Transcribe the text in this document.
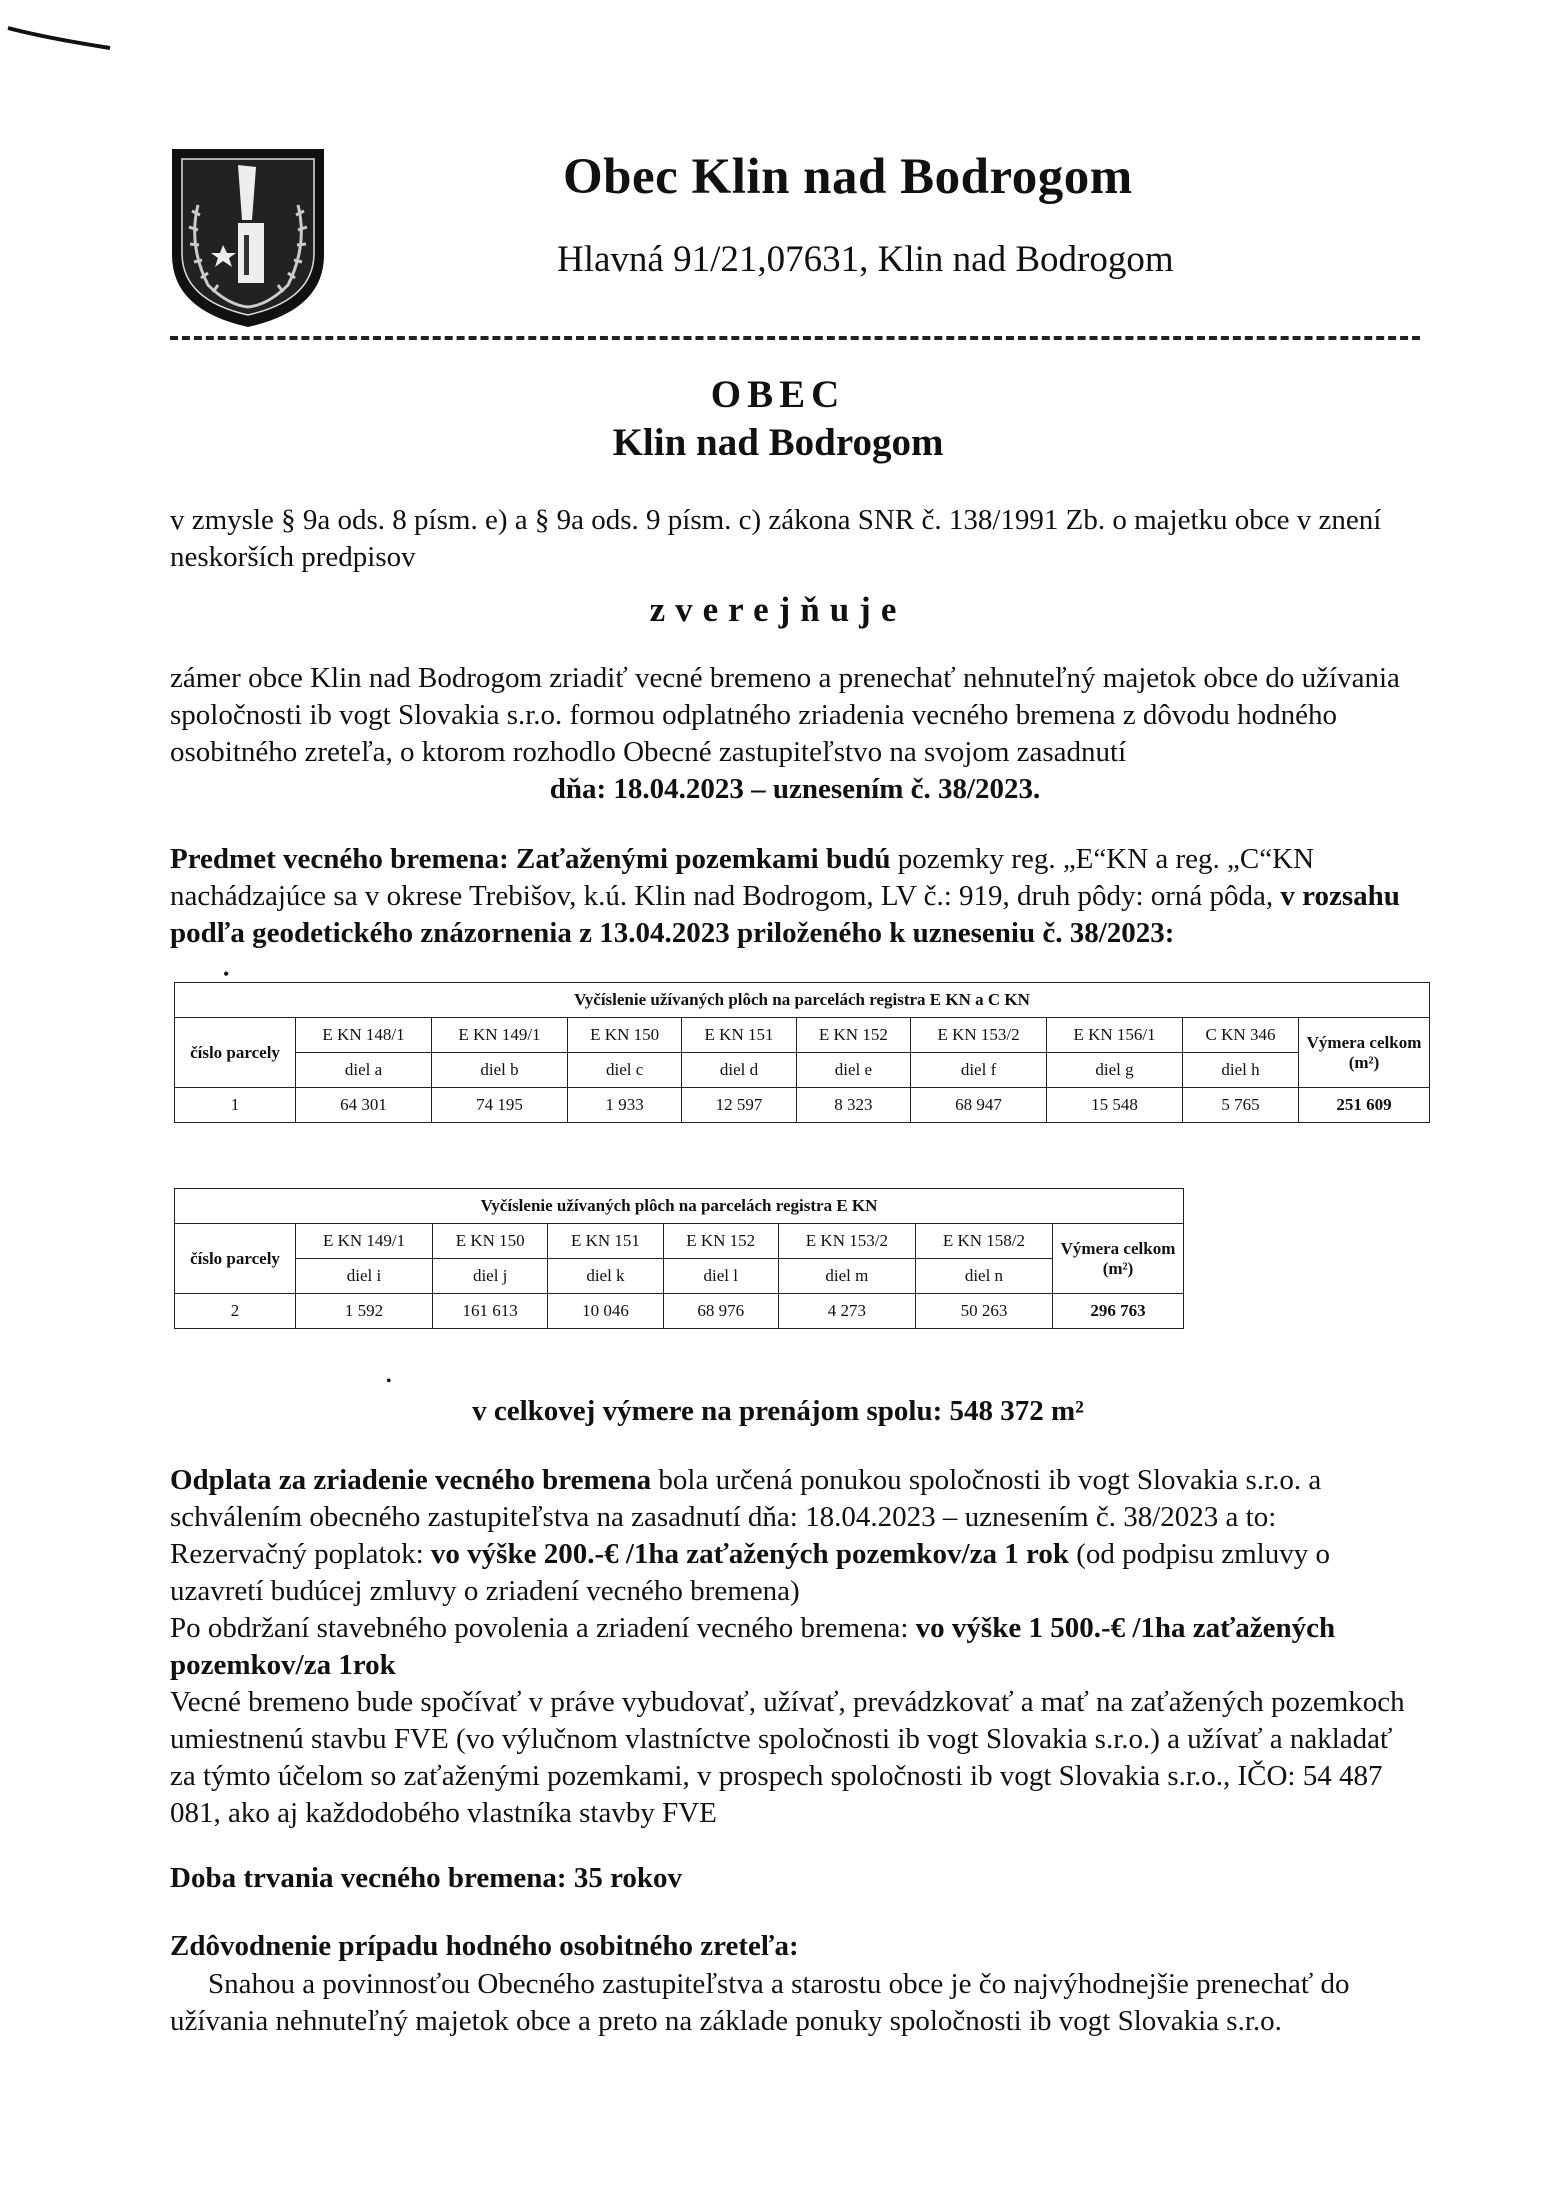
Obec Klin nad Bodrogom
Hlavná 91/21,07631, Klin nad Bodrogom
OBEC
Klin nad Bodrogom
v zmysle § 9a ods. 8 písm. e) a § 9a ods. 9 písm. c) zákona SNR č. 138/1991 Zb. o majetku obce v znení neskorších predpisov
zverejňuje
zámer obce Klin nad Bodrogom zriadiť vecné bremeno a prenechať nehnuteľný majetok obce do užívania spoločnosti ib vogt Slovakia s.r.o. formou odplatného zriadenia vecného bremena z dôvodu hodného osobitného zreteľa, o ktorom rozhodlo Obecné zastupiteľstvo na svojom zasadnutí
dňa: 18.04.2023 – uznesením č. 38/2023.
Predmet vecného bremena: Zaťaženými pozemkami budú pozemky reg. „E“KN a reg. „C“KN nachádzajúce sa v okrese Trebišov, k.ú. Klin nad Bodrogom, LV č.: 919, druh pôdy: orná pôda, v rozsahu podľa geodetického znázornenia z 13.04.2023 priloženého k uzneseniu č. 38/2023:
•
Vyčíslenie užívaných plôch na parcelách registra E KN a C KN									
číslo parcely	E KN 148/1	E KN 149/1	E KN 150	E KN 151	E KN 152	E KN 153/2	E KN 156/1	C KN 346	Výmera celkom (m²)
	diel a	diel b	diel c	diel d	diel e	diel f	diel g	diel h	
1	64 301	74 195	1 933	12 597	8 323	68 947	15 548	5 765	251 609
Vyčíslenie užívaných plôch na parcelách registra E KN							
číslo parcely	E KN 149/1	E KN 150	E KN 151	E KN 152	E KN 153/2	E KN 158/2	Výmera celkom (m²)
	diel i	diel j	diel k	diel l	diel m	diel n	
2	1 592	161 613	10 046	68 976	4 273	50 263	296 763
•
v celkovej výmere na prenájom spolu: 548 372 m²
Odplata za zriadenie vecného bremena bola určená ponukou spoločnosti ib vogt Slovakia s.r.o. a schválením obecného zastupiteľstva na zasadnutí dňa: 18.04.2023 – uznesením č. 38/2023 a to:
Rezervačný poplatok: vo výške 200.-€ /1ha zaťažených pozemkov/za 1 rok (od podpisu zmluvy o uzavretí budúcej zmluvy o zriadení vecného bremena)
Po obdržaní stavebného povolenia a zriadení vecného bremena: vo výške 1 500.-€ /1ha zaťažených pozemkov/za 1rok
Vecné bremeno bude spočívať v práve vybudovať, užívať, prevádzkovať a mať na zaťažených pozemkoch umiestnenú stavbu FVE (vo výlučnom vlastníctve spoločnosti ib vogt Slovakia s.r.o.) a užívať a nakladať za týmto účelom so zaťaženými pozemkami, v prospech spoločnosti ib vogt Slovakia s.r.o., IČO: 54 487 081, ako aj každodobého vlastníka stavby FVE
Doba trvania vecného bremena: 35 rokov
Zdôvodnenie prípadu hodného osobitného zreteľa:
Snahou a povinnosťou Obecného zastupiteľstva a starostu obce je čo najvýhodnejšie prenechať do užívania nehnuteľný majetok obce a preto na základe ponuky spoločnosti ib vogt Slovakia s.r.o.
